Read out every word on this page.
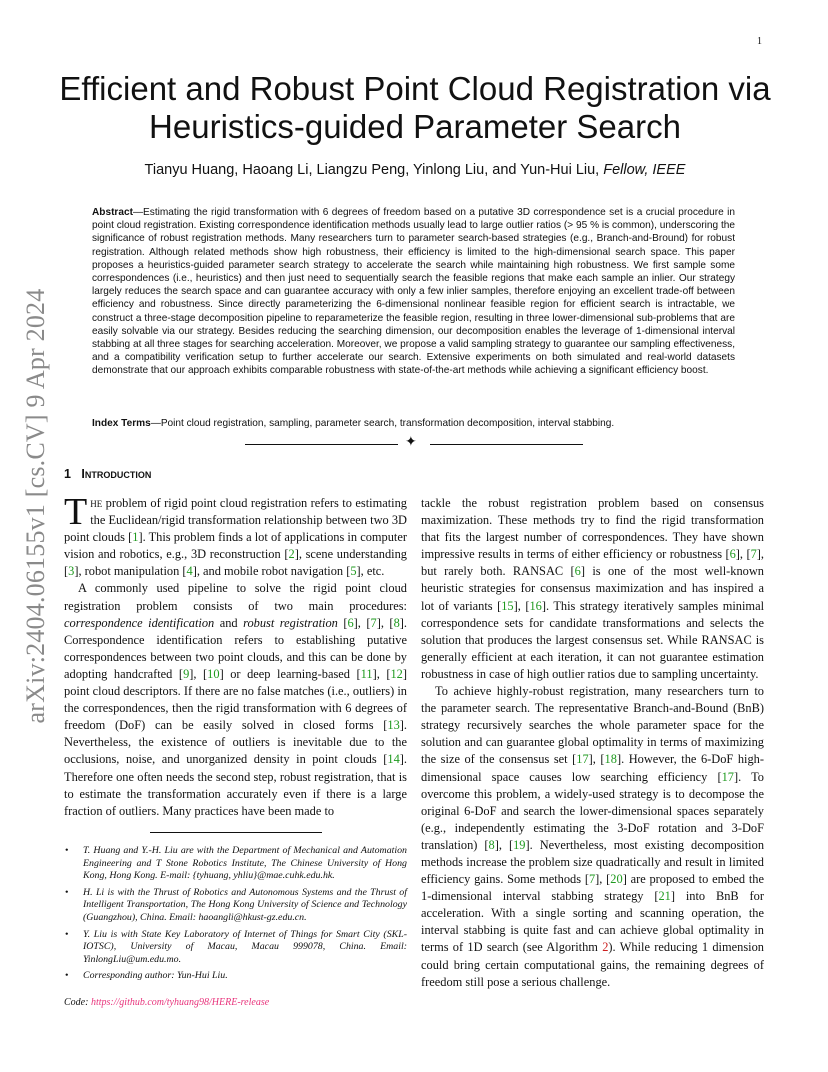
1
arXiv:2404.06155v1 [cs.CV] 9 Apr 2024
Efficient and Robust Point Cloud Registration via
Heuristics-guided Parameter Search
Tianyu Huang, Haoang Li, Liangzu Peng, Yinlong Liu, and Yun-Hui Liu, Fellow, IEEE
Abstract—Estimating the rigid transformation with 6 degrees of freedom based on a putative 3D correspondence set is a crucial procedure in point cloud registration. Existing correspondence identification methods usually lead to large outlier ratios (> 95 % is common), underscoring the significance of robust registration methods. Many researchers turn to parameter search-based strategies (e.g., Branch-and-Bround) for robust registration. Although related methods show high robustness, their efficiency is limited to the high-dimensional search space. This paper proposes a heuristics-guided parameter search strategy to accelerate the search while maintaining high robustness. We first sample some correspondences (i.e., heuristics) and then just need to sequentially search the feasible regions that make each sample an inlier. Our strategy largely reduces the search space and can guarantee accuracy with only a few inlier samples, therefore enjoying an excellent trade-off between efficiency and robustness. Since directly parameterizing the 6-dimensional nonlinear feasible region for efficient search is intractable, we construct a three-stage decomposition pipeline to reparameterize the feasible region, resulting in three lower-dimensional sub-problems that are easily solvable via our strategy. Besides reducing the searching dimension, our decomposition enables the leverage of 1-dimensional interval stabbing at all three stages for searching acceleration. Moreover, we propose a valid sampling strategy to guarantee our sampling effectiveness, and a compatibility verification setup to further accelerate our search. Extensive experiments on both simulated and real-world datasets demonstrate that our approach exhibits comparable robustness with state-of-the-art methods while achieving a significant efficiency boost.
Index Terms—Point cloud registration, sampling, parameter search, transformation decomposition, interval stabbing.
✦
1 Introduction

The problem of rigid point cloud registration refers to estimating the Euclidean/rigid transformation relationship between two 3D point clouds [1]. This problem finds a lot of applications in computer vision and robotics, e.g., 3D reconstruction [2], scene understanding [3], robot manipulation [4], and mobile robot navigation [5], etc.

A commonly used pipeline to solve the rigid point cloud registration problem consists of two main procedures: correspondence identification and robust registration [6], [7], [8]. Correspondence identification refers to establishing putative correspondences between two point clouds, and this can be done by adopting handcrafted [9], [10] or deep learning-based [11], [12] point cloud descriptors. If there are no false matches (i.e., outliers) in the correspondences, then the rigid transformation with 6 degrees of freedom (DoF) can be easily solved in closed forms [13]. Nevertheless, the existence of outliers is inevitable due to the occlusions, noise, and unorganized density in point clouds [14]. Therefore one often needs the second step, robust registration, that is to estimate the transformation accurately even if there is a large fraction of outliers. Many practices have been made to

tackle the robust registration problem based on consensus maximization. These methods try to find the rigid transformation that fits the largest number of correspondences. They have shown impressive results in terms of either efficiency or robustness [6], [7], but rarely both. RANSAC [6] is one of the most well-known heuristic strategies for consensus maximization and has inspired a lot of variants [15], [16]. This strategy iteratively samples minimal correspondence sets for candidate transformations and selects the solution that produces the largest consensus set. While RANSAC is generally efficient at each iteration, it can not guarantee estimation robustness in case of high outlier ratios due to sampling uncertainty.

To achieve highly-robust registration, many researchers turn to the parameter search. The representative Branch-and-Bound (BnB) strategy recursively searches the whole parameter space for the solution and can guarantee global optimality in terms of maximizing the size of the consensus set [17], [18]. However, the 6-DoF high-dimensional space causes low searching efficiency [17]. To overcome this problem, a widely-used strategy is to decompose the original 6-DoF and search the lower-dimensional spaces separately (e.g., independently estimating the 3-DoF rotation and 3-DoF translation) [8], [19]. Nevertheless, most existing decomposition methods increase the problem size quadratically and result in limited efficiency gains. Some methods [7], [20] are proposed to embed the 1-dimensional interval stabbing strategy [21] into BnB for acceleration. With a single sorting and scanning operation, the interval stabbing is quite fast and can achieve global optimality in terms of 1D search (see Algorithm 2). While reducing 1 dimension could bring certain computational gains, the remaining degrees of freedom still pose a serious challenge.

• T. Huang and Y.-H. Liu are with the Department of Mechanical and Automation Engineering and T Stone Robotics Institute, The Chinese University of Hong Kong, Hong Kong. E-mail: {tyhuang, yhliu}@mae.cuhk.edu.hk.
• H. Li is with the Thrust of Robotics and Autonomous Systems and the Thrust of Intelligent Transportation, The Hong Kong University of Science and Technology (Guangzhou), China. Email: haoangli@hkust-gz.edu.cn.
• Y. Liu is with State Key Laboratory of Internet of Things for Smart City (SKL-IOTSC), University of Macau, Macau 999078, China. Email: YinlongLiu@um.edu.mo.
• Corresponding author: Yun-Hui Liu.
Code: https://github.com/tyhuang98/HERE-release
